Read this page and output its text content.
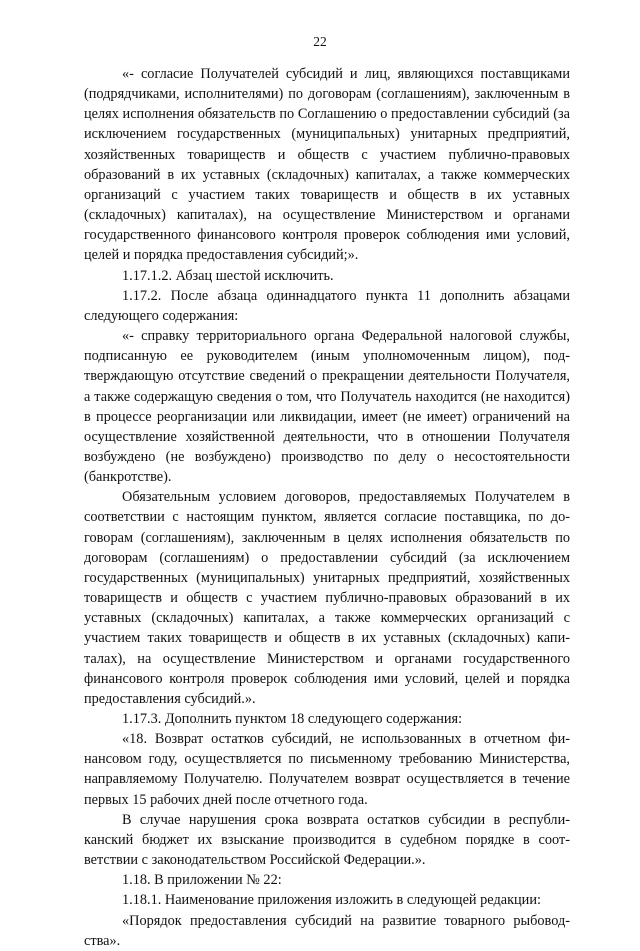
22

«- согласие Получателей субсидий и лиц, являющихся поставщиками (подрядчиками, исполнителями) по договорам (соглашениям), заключенным в целях исполнения обязательств по Соглашению о предоставлении субсидий (за исключением государственных (муниципальных) унитарных предприятий, хозяйственных товариществ и обществ с участием публично-правовых образований в их уставных (складочных) капиталах, а также коммерческих организаций с участием таких товариществ и обществ в их уставных (складочных) капиталах), на осуществление Министерством и органами государственного финансового контроля проверок соблюдения ими условий, целей и порядка предоставления субсидий;».

1.17.1.2. Абзац шестой исключить.

1.17.2. После абзаца одиннадцатого пункта 11 дополнить абзацами следующего содержания:

«- справку территориального органа Федеральной налоговой службы, подписанную ее руководителем (иным уполномоченным лицом), подтверждающую отсутствие сведений о прекращении деятельности Получателя, а также содержащую сведения о том, что Получатель находится (не находится) в процессе реорганизации или ликвидации, имеет (не имеет) ограничений на осуществление хозяйственной деятельности, что в отношении Получателя возбуждено (не возбуждено) производство по делу о несостоятельности (банкротстве).

Обязательным условием договоров, предоставляемых Получателем в соответствии с настоящим пунктом, является согласие поставщика, по договорам (соглашениям), заключенным в целях исполнения обязательств по договорам (соглашениям) о предоставлении субсидий (за исключением государственных (муниципальных) унитарных предприятий, хозяйственных товариществ и обществ с участием публично-правовых образований в их уставных (складочных) капиталах, а также коммерческих организаций с участием таких товариществ и обществ в их уставных (складочных) капиталах), на осуществление Министерством и органами государственного финансового контроля проверок соблюдения ими условий, целей и порядка предоставления субсидий.».

1.17.3. Дополнить пунктом 18 следующего содержания:

«18. Возврат остатков субсидий, не использованных в отчетном финансовом году, осуществляется по письменному требованию Министерства, направляемому Получателю. Получателем возврат осуществляется в течение первых 15 рабочих дней после отчетного года.

В случае нарушения срока возврата остатков субсидии в республиканский бюджет их взыскание производится в судебном порядке в соответствии с законодательством Российской Федерации.».

1.18. В приложении № 22:

1.18.1. Наименование приложения изложить в следующей редакции:

«Порядок предоставления субсидий на развитие товарного рыбоводства».
